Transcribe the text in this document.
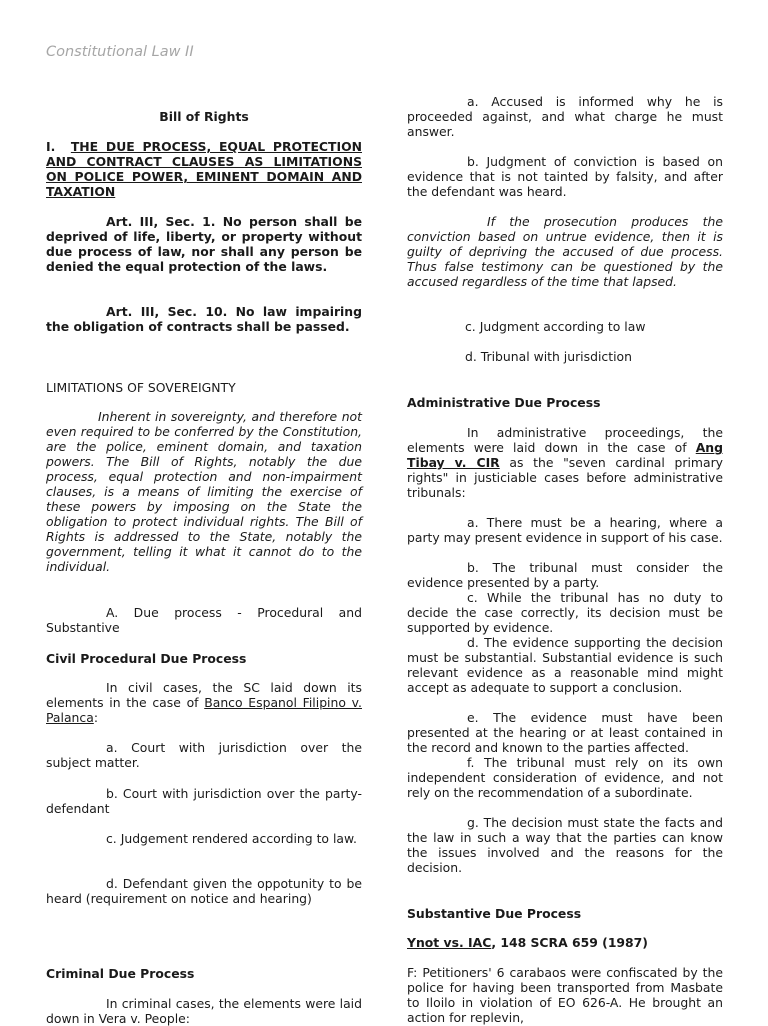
Constitutional Law II

Bill of Rights

I. THE DUE PROCESS, EQUAL PROTECTION AND CONTRACT CLAUSES AS LIMITATIONS ON POLICE POWER, EMINENT DOMAIN AND TAXATION

Art. III, Sec. 1. No person shall be deprived of life, liberty, or property without due process of law, nor shall any person be denied the equal protection of the laws.

Art. III, Sec. 10. No law impairing the obligation of contracts shall be passed.

LIMITATIONS OF SOVEREIGNTY

Inherent in sovereignty, and therefore not even required to be conferred by the Constitution, are the police, eminent domain, and taxation powers. The Bill of Rights, notably the due process, equal protection and non-impairment clauses, is a means of limiting the exercise of these powers by imposing on the State the obligation to protect individual rights. The Bill of Rights is addressed to the State, notably the government, telling it what it cannot do to the individual.

A. Due process - Procedural and Substantive

Civil Procedural Due Process

In civil cases, the SC laid down its elements in the case of Banco Espanol Filipino v. Palanca:

a. Court with jurisdiction over the subject matter.

b. Court with jurisdiction over the party-defendant

c. Judgement rendered according to law.

d. Defendant given the oppotunity to be heard (requirement on notice and hearing)

Criminal Due Process

In criminal cases, the elements were laid down in Vera v. People:

a. Accused is informed why he is proceeded against, and what charge he must answer.

b. Judgment of conviction is based on evidence that is not tainted by falsity, and after the defendant was heard.

If the prosecution produces the conviction based on untrue evidence, then it is guilty of depriving the accused of due process. Thus false testimony can be questioned by the accused regardless of the time that lapsed.

c. Judgment according to law

d. Tribunal with jurisdiction

Administrative Due Process

In administrative proceedings, the elements were laid down in the case of Ang Tibay v. CIR as the "seven cardinal primary rights" in justiciable cases before administrative tribunals:

a. There must be a hearing, where a party may present evidence in support of his case.

b. The tribunal must consider the evidence presented by a party.

c. While the tribunal has no duty to decide the case correctly, its decision must be supported by evidence.

d. The evidence supporting the decision must be substantial. Substantial evidence is such relevant evidence as a reasonable mind might accept as adequate to support a conclusion.

e. The evidence must have been presented at the hearing or at least contained in the record and known to the parties affected.

f. The tribunal must rely on its own independent consideration of evidence, and not rely on the recommendation of a subordinate.

g. The decision must state the facts and the law in such a way that the parties can know the issues involved and the reasons for the decision.

Substantive Due Process

Ynot vs. IAC, 148 SCRA 659 (1987)

F: Petitioners' 6 carabaos were confiscated by the police for having been transported from Masbate to Iloilo in violation of EO 626-A. He brought an action for replevin,
